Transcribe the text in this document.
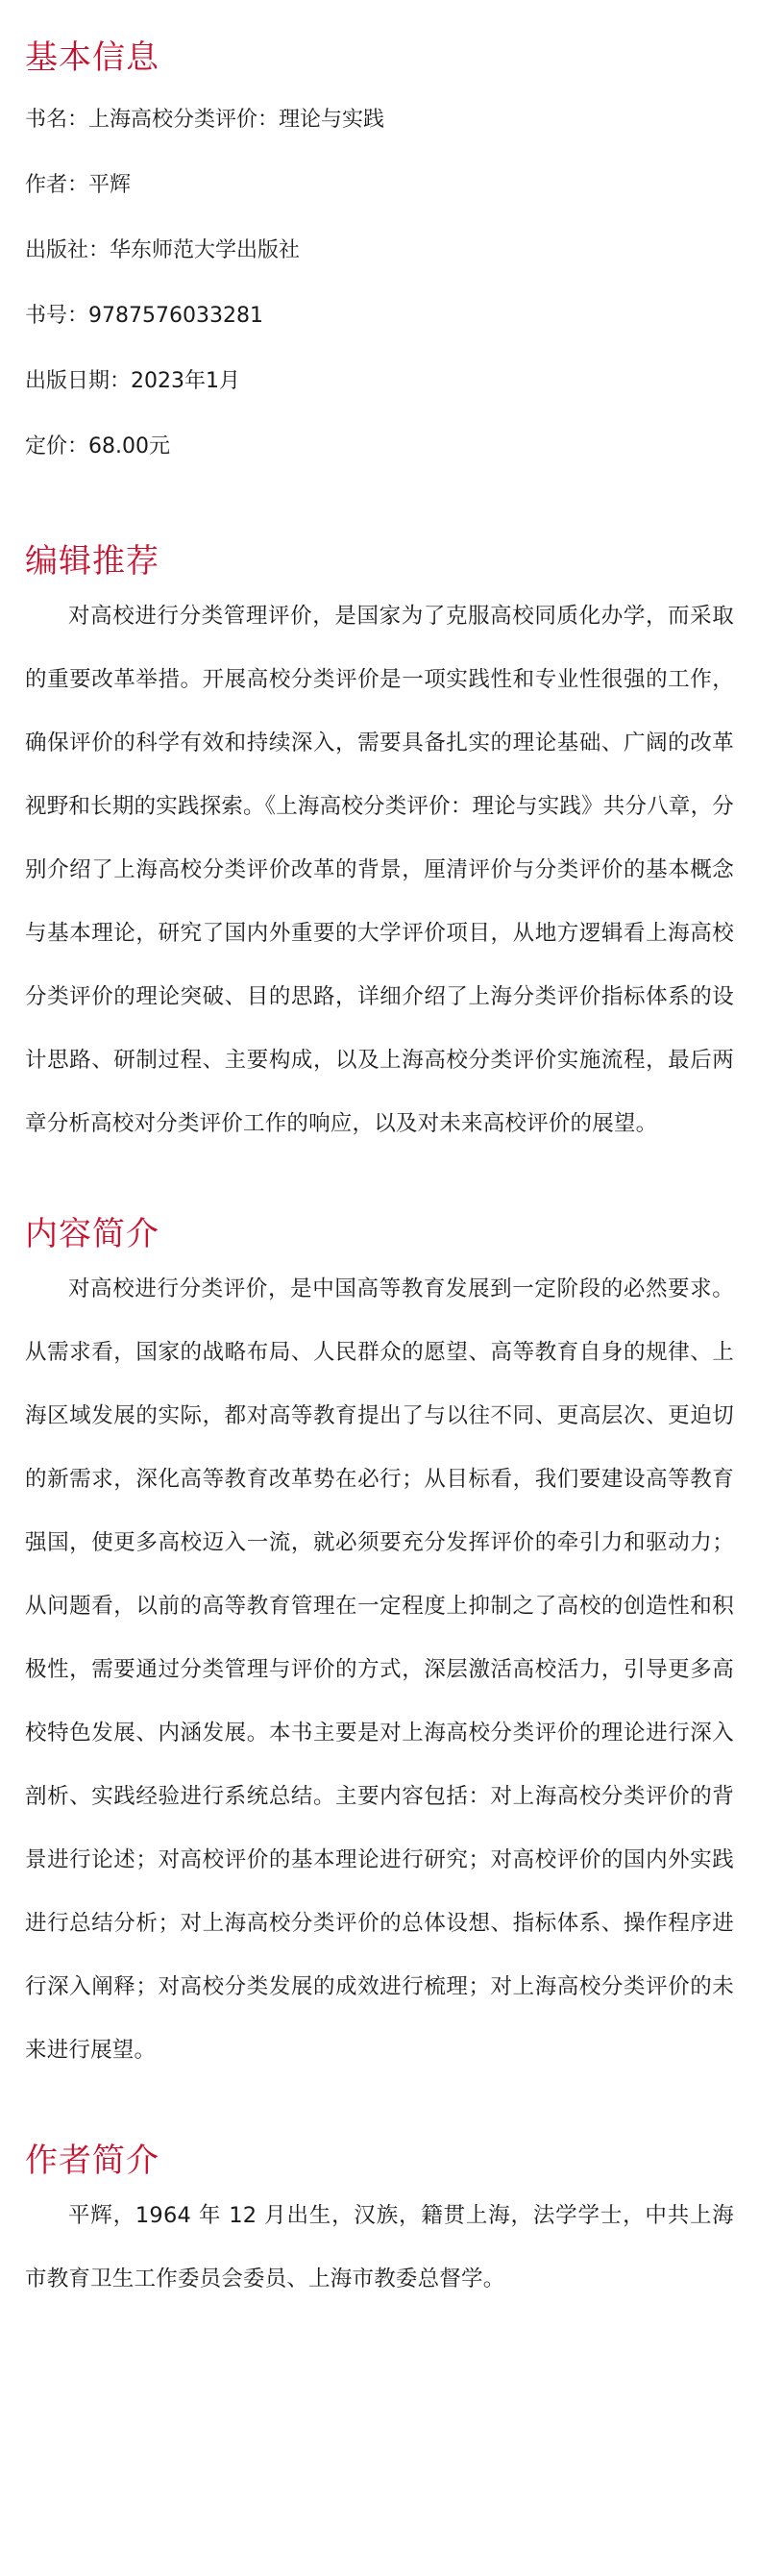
基本信息

书名：上海高校分类评价：理论与实践

作者：平辉

出版社：华东师范大学出版社

书号：9787576033281

出版日期：2023年1月

定价：68.00元

编辑推荐

对高校进行分类管理评价，是国家为了克服高校同质化办学，而采取的重要改革举措。开展高校分类评价是一项实践性和专业性很强的工作，确保评价的科学有效和持续深入，需要具备扎实的理论基础、广阔的改革视野和长期的实践探索。《上海高校分类评价：理论与实践》共分八章，分别介绍了上海高校分类评价改革的背景，厘清评价与分类评价的基本概念与基本理论，研究了国内外重要的大学评价项目，从地方逻辑看上海高校分类评价的理论突破、目的思路，详细介绍了上海分类评价指标体系的设计思路、研制过程、主要构成，以及上海高校分类评价实施流程，最后两章分析高校对分类评价工作的响应，以及对未来高校评价的展望。

内容简介

对高校进行分类评价，是中国高等教育发展到一定阶段的必然要求。从需求看，国家的战略布局、人民群众的愿望、高等教育自身的规律、上海区域发展的实际，都对高等教育提出了与以往不同、更高层次、更迫切的新需求，深化高等教育改革势在必行；从目标看，我们要建设高等教育强国，使更多高校迈入一流，就必须要充分发挥评价的牵引力和驱动力；从问题看，以前的高等教育管理在一定程度上抑制之了高校的创造性和积极性，需要通过分类管理与评价的方式，深层激活高校活力，引导更多高校特色发展、内涵发展。本书主要是对上海高校分类评价的理论进行深入剖析、实践经验进行系统总结。主要内容包括：对上海高校分类评价的背景进行论述；对高校评价的基本理论进行研究；对高校评价的国内外实践进行总结分析；对上海高校分类评价的总体设想、指标体系、操作程序进行深入阐释；对高校分类发展的成效进行梳理；对上海高校分类评价的未来进行展望。

作者简介

平辉，1964 年 12 月出生，汉族，籍贯上海，法学学士，中共上海市教育卫生工作委员会委员、上海市教委总督学。
